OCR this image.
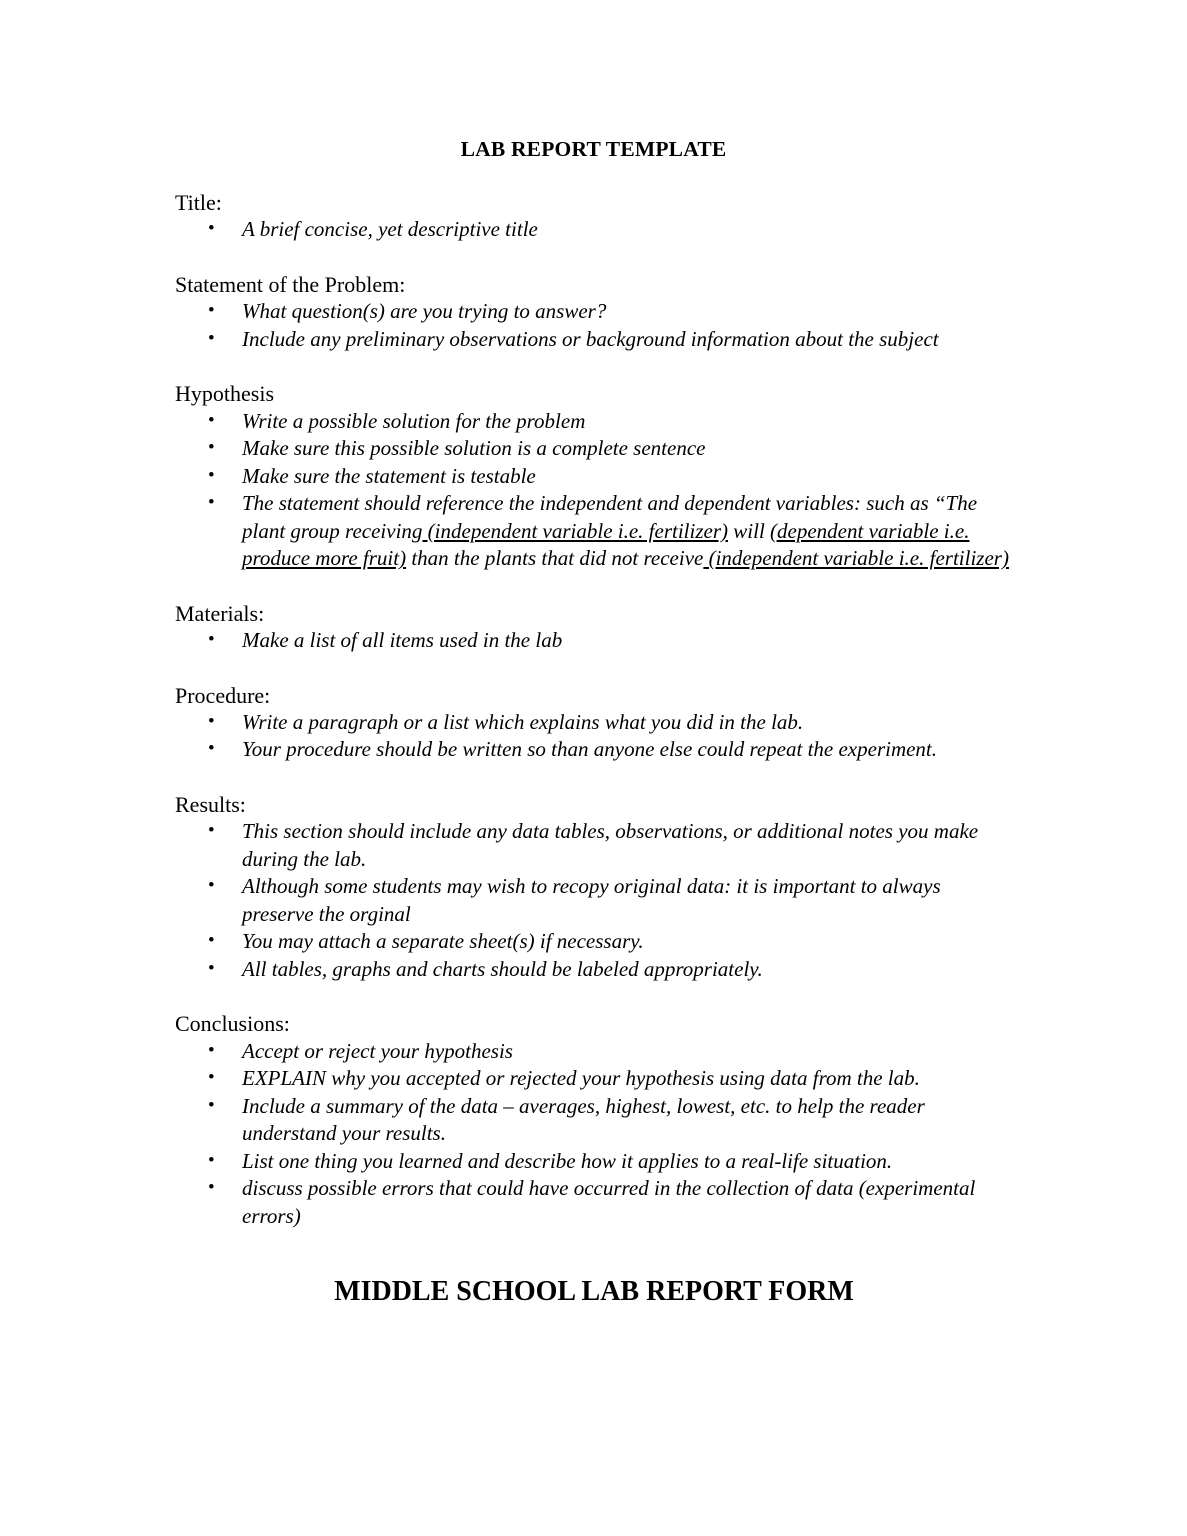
LAB REPORT TEMPLATE
Title:
• A brief concise, yet descriptive title
Statement of the Problem:
• What question(s) are you trying to answer?
• Include any preliminary observations or background information about the subject
Hypothesis
• Write a possible solution for the problem
• Make sure this possible solution is a complete sentence
• Make sure the statement is testable
• The statement should reference the independent and dependent variables: such as “The plant group receiving (independent variable i.e. fertilizer) will (dependent variable i.e. produce more fruit) than the plants that did not receive (independent variable i.e. fertilizer)
Materials:
• Make a list of all items used in the lab
Procedure:
• Write a paragraph or a list which explains what you did in the lab.
• Your procedure should be written so than anyone else could repeat the experiment.
Results:
• This section should include any data tables, observations, or additional notes you make during the lab.
• Although some students may wish to recopy original data: it is important to always preserve the orginal
• You may attach a separate sheet(s) if necessary.
• All tables, graphs and charts should be labeled appropriately.
Conclusions:
• Accept or reject your hypothesis
• EXPLAIN why you accepted or rejected your hypothesis using data from the lab.
• Include a summary of the data – averages, highest, lowest, etc. to help the reader understand your results.
• List one thing you learned and describe how it applies to a real-life situation.
• discuss possible errors that could have occurred in the collection of data (experimental errors)
MIDDLE SCHOOL LAB REPORT FORM
